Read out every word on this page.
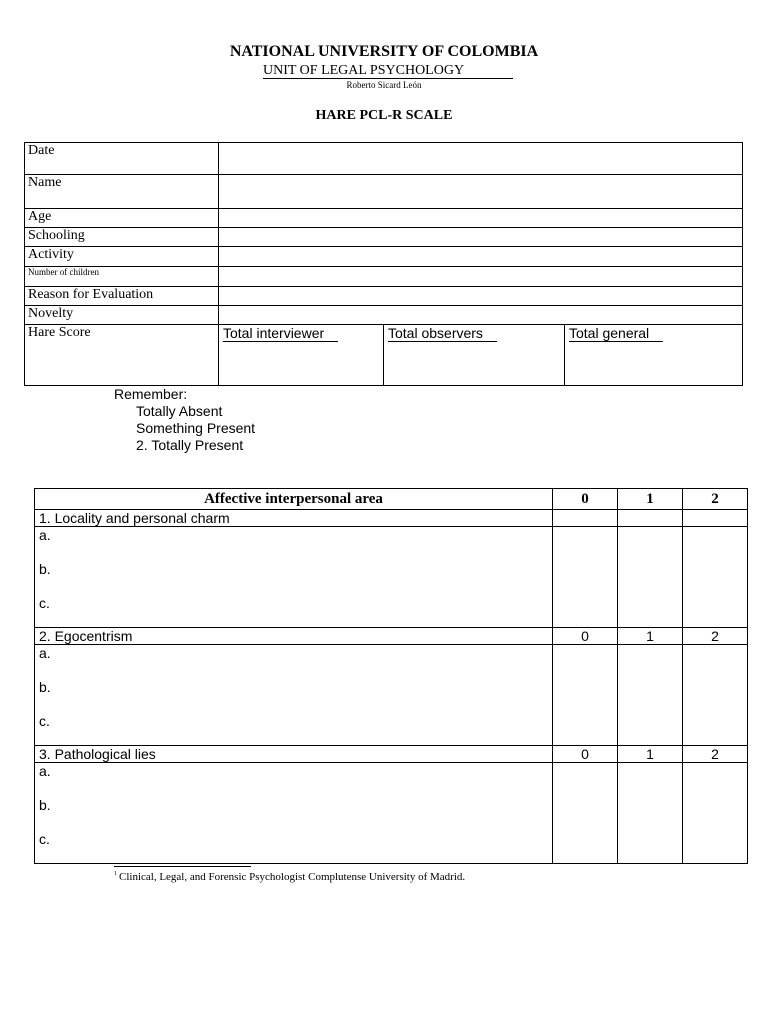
NATIONAL UNIVERSITY OF COLOMBIA
UNIT OF LEGAL PSYCHOLOGY
Roberto Sicard León
HARE PCL-R SCALE
Date			
Name			
Age			
Schooling			
Activity			
Number of children			
Reason for Evaluation			
Novelty			
Hare Score	Total interviewer	Total observers	Total general
Remember:
Totally Absent
Something Present
2. Totally Present
Affective interpersonal area	0	1	2
1. Locality and personal charm			

a.
b.
c.			

2. Egocentrism	0	1	2

a.
b.
c.			

3. Pathological lies	0	1	2

a.
b.
c.			

$^1$ Clinical, Legal, and Forensic Psychologist Complutense University of Madrid.
